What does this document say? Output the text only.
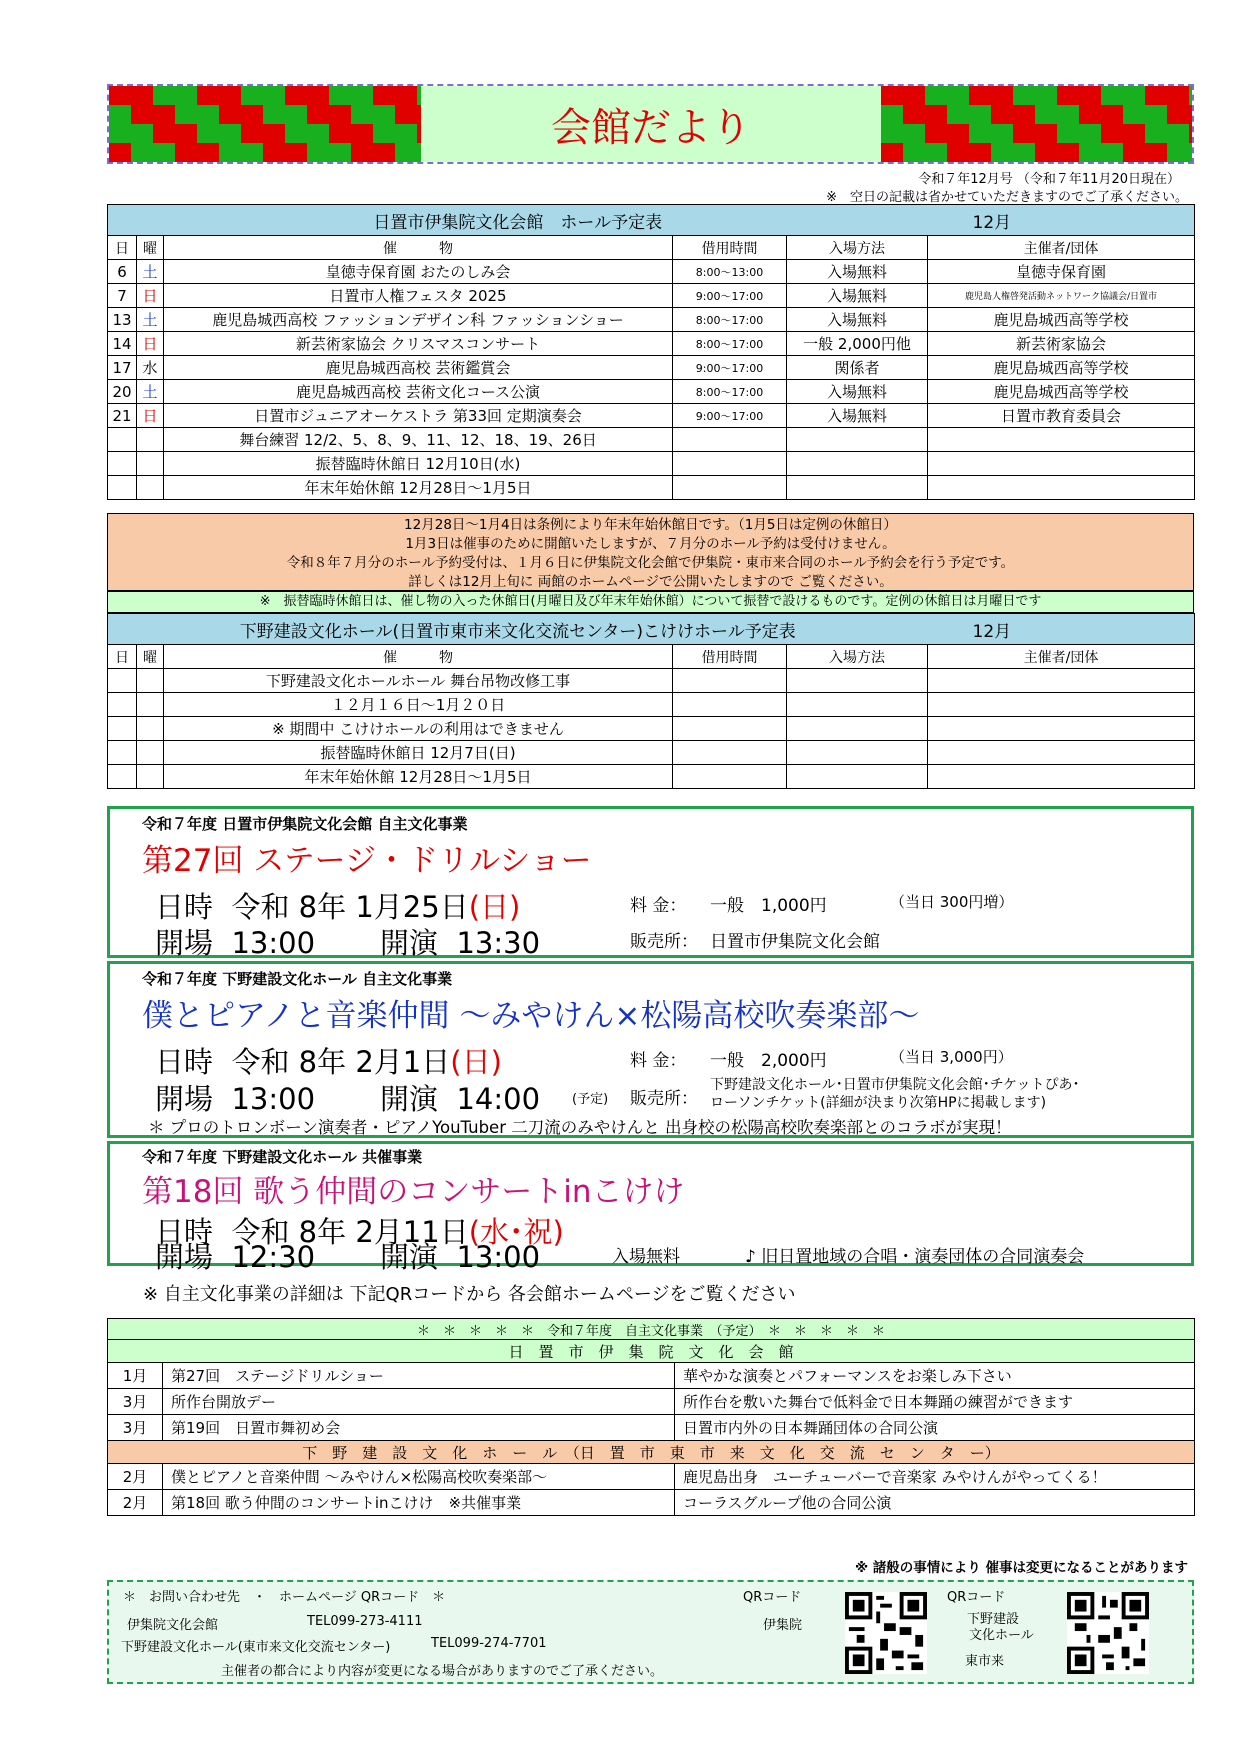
会館だより
令和７年12月号 （令和７年11月20日現在）
※　空日の記載は省かせていただきますのでご了承ください。
日置市伊集院文化会館　ホール予定表					12月
日	曜	催　　　物	借用時間	入場方法	主催者/団体
6	土	皇徳寺保育園 おたのしみ会	8:00～13:00	入場無料	皇徳寺保育園
7	日	日置市人権フェスタ 2025	9:00～17:00	入場無料	鹿児島人権啓発活動ネットワーク協議会/日置市
13	土	鹿児島城西高校 ファッションデザイン科 ファッションショー	8:00～17:00	入場無料	鹿児島城西高等学校
14	日	新芸術家協会 クリスマスコンサート	8:00～17:00	一般 2,000円他	新芸術家協会
17	水	鹿児島城西高校 芸術鑑賞会	9:00～17:00	関係者	鹿児島城西高等学校
20	土	鹿児島城西高校 芸術文化コース公演	8:00～17:00	入場無料	鹿児島城西高等学校
21	日	日置市ジュニアオーケストラ 第33回 定期演奏会	9:00～17:00	入場無料	日置市教育委員会
		舞台練習 12/2、5、8、9、11、12、18、19、26日			
		振替臨時休館日 12月10日(水)			
		年末年始休館 12月28日～1月5日			
12月28日～1月4日は条例により年末年始休館日です。（1月5日は定例の休館日）
1月3日は催事のために開館いたしますが、７月分のホール予約は受付けません。
令和８年７月分のホール予約受付は、１月６日に伊集院文化会館で伊集院・東市来合同のホール予約会を行う予定です。
詳しくは12月上旬に 両館のホームページで公開いたしますので ご覧ください。
※　振替臨時休館日は、催し物の入った休館日(月曜日及び年末年始休館）について振替で設けるものです。定例の休館日は月曜日です
下野建設文化ホール(日置市東市来文化交流センター)こけけホール予定表					12月
日	曜	催　　　物	借用時間	入場方法	主催者/団体
		下野建設文化ホールホール 舞台吊物改修工事			
		１２月１６日～1月２０日			
		※ 期間中 こけけホールの利用はできません			
		振替臨時休館日 12月7日(日)			
		年末年始休館 12月28日～1月5日			
令和７年度 日置市伊集院文化会館 自主文化事業
第27回 ステージ・ドリルショー
日時 令和 8年 1月25日(日)
開場 13:00 開演 13:30
料 金： 一般　1,000円	（当日 300円増）
販売所： 日置市伊集院文化会館
令和７年度 下野建設文化ホール 自主文化事業
僕とピアノと音楽仲間 ～みやけん×松陽高校吹奏楽部～
日時 令和 8年 2月1日(日)
開場 13:00 開演 14:00 (予定)
料 金： 一般　2,000円	（当日 3,000円）
販売所：
下野建設文化ホール･日置市伊集院文化会館･チケットぴあ･
ローソンチケット(詳細が決まり次第HPに掲載します)
＊ プロのトロンボーン演奏者・ピアノYouTuber 二刀流のみやけんと 出身校の松陽高校吹奏楽部とのコラボが実現！
令和７年度 下野建設文化ホール 共催事業
第18回 歌う仲間のコンサートinこけけ
日時 令和 8年 2月11日(水･祝)
開場 12:30 開演 13:00	入場無料	♪ 旧日置地域の合唱・演奏団体の合同演奏会
※ 自主文化事業の詳細は 下記QRコードから 各会館ホームページをご覧ください
＊　＊　＊　＊　＊　令和７年度　自主文化事業　（予定）　＊　＊　＊　＊　＊		
日　置　市　伊　集　院　文　化　会　館		
1月	第27回　ステージドリルショー	華やかな演奏とパフォーマンスをお楽しみ下さい
3月	所作台開放デー	所作台を敷いた舞台で低料金で日本舞踊の練習ができます
3月	第19回　日置市舞初め会	日置市内外の日本舞踊団体の合同公演
下　野　建　設　文　化　ホ　ー　ル　（日　置　市　東　市　来　文　化　交　流　セ　ン　タ　ー）		
2月	僕とピアノと音楽仲間 ～みやけん×松陽高校吹奏楽部～	鹿児島出身　ユーチューバーで音楽家 みやけんがやってくる！
2月	第18回 歌う仲間のコンサートinこけけ　※共催事業	コーラスグループ他の合同公演
※ 諸般の事情により 催事は変更になることがあります
＊　お問い合わせ先　・　ホームページ QRコード　＊
伊集院文化会館	TEL099-273-4111
下野建設文化ホール(東市来文化交流センター)	TEL099-274-7701
主催者の都合により内容が変更になる場合がありますのでご了承ください。
QRコード
伊集院
QRコード
下野建設
文化ホール
東市来
